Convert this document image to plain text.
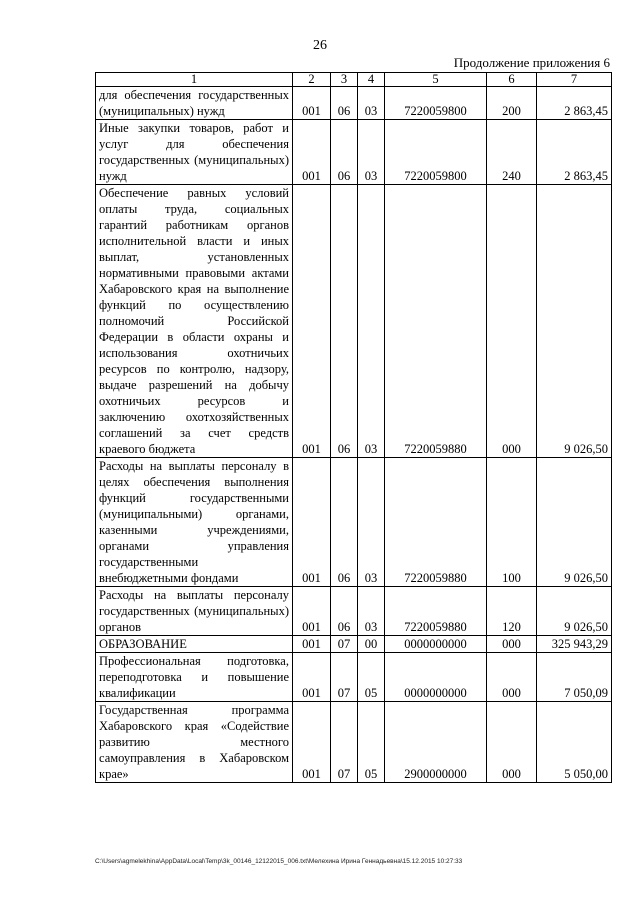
26
Продолжение приложения 6
1	2	3	4	5	6	7
для обеспечения государственных (муниципальных) нужд	001	06	03	7220059800	200	2 863,45
Иные закупки товаров, работ и услуг для обеспечения государственных (муниципальных) нужд	001	06	03	7220059800	240	2 863,45
Обеспечение равных условий оплаты труда, социальных гарантий работникам органов исполнительной власти и иных выплат, установленных нормативными правовыми актами Хабаровского края на выполнение функций по осуществлению полномочий Российской Федерации в области охраны и использования охотничьих ресурсов по контролю, надзору, выдаче разрешений на добычу охотничьих ресурсов и заключению охотхозяйственных соглашений за счет средств краевого бюджета	001	06	03	7220059880	000	9 026,50
Расходы на выплаты персоналу в целях обеспечения выполнения функций государственными (муниципальными) органами, казенными учреждениями, органами управления государственными внебюджетными фондами	001	06	03	7220059880	100	9 026,50
Расходы на выплаты персоналу государственных (муниципальных) органов	001	06	03	7220059880	120	9 026,50
ОБРАЗОВАНИЕ	001	07	00	0000000000	000	325 943,29
Профессиональная подготовка, переподготовка и повышение квалификации	001	07	05	0000000000	000	7 050,09
Государственная программа Хабаровского края «Содействие развитию местного самоуправления в Хабаровском крае»	001	07	05	2900000000	000	5 050,00
C:\Users\agmelekhina\AppData\Local\Temp\3k_00146_12122015_006.txt\Мелехина Ирина Геннадьевна\15.12.2015 10:27:33
